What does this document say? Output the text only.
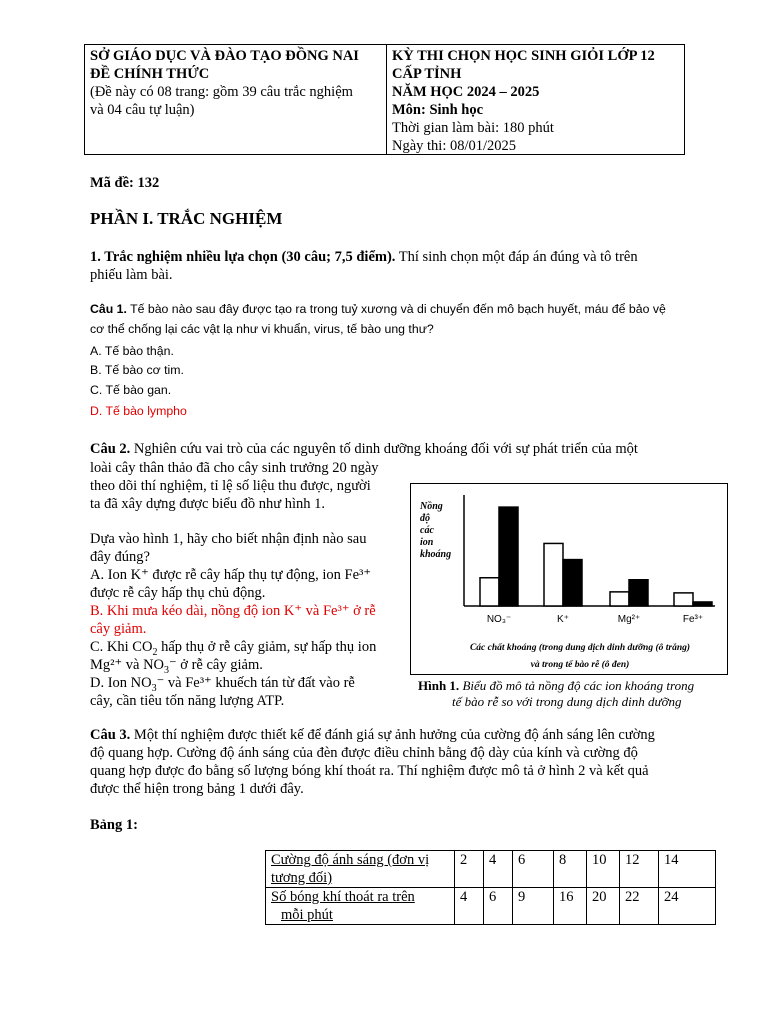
SỞ GIÁO DỤC VÀ ĐÀO TẠO ĐỒNG NAI
ĐỀ CHÍNH THỨC
(Đề này có 08 trang: gồm 39 câu trắc nghiệm
và 04 câu tự luận)
KỲ THI CHỌN HỌC SINH GIỎI LỚP 12
CẤP TỈNH
NĂM HỌC 2024 – 2025
Môn: Sinh học
Thời gian làm bài: 180 phút
Ngày thi: 08/01/2025
Mã đề: 132
PHẦN I. TRẮC NGHIỆM
1. Trắc nghiệm nhiều lựa chọn (30 câu; 7,5 điểm). Thí sinh chọn một đáp án đúng và tô trên
phiếu làm bài.
Câu 1. Tế bào nào sau đây được tạo ra trong tuỷ xương và di chuyển đến mô bạch huyết, máu để bảo vệ
cơ thể chống lại các vật lạ như vi khuẩn, virus, tế bào ung thư?
A. Tế bào thận.
B. Tế bào cơ tim.
C. Tế bào gan.
D. Tế bào lympho
Câu 2. Nghiên cứu vai trò của các nguyên tố dinh dưỡng khoáng đối với sự phát triển của một
loài cây thân thảo đã cho cây sinh trưởng 20 ngày
theo dõi thí nghiệm, tỉ lệ số liệu thu được, người
ta đã xây dựng được biểu đồ như hình 1.
Dựa vào hình 1, hãy cho biết nhận định nào sau
đây đúng?
A. Ion K⁺ được rễ cây hấp thụ tự động, ion Fe³⁺
được rễ cây hấp thụ chủ động.
B. Khi mưa kéo dài, nồng độ ion K⁺ và Fe³⁺ ở rễ
cây giảm.
C. Khi $CO_2$ hấp thụ ở rễ cây giảm, sự hấp thụ ion
Mg²⁺ và $NO_3^-$ ở rễ cây giảm.
D. Ion $NO_3^-$ và Fe³⁺ khuếch tán từ đất vào rễ
cây, cần tiêu tốn năng lượng ATP.
Nồng
độ
các
ion
khoáng
NO₃⁻	K⁺	Mg²⁺	Fe³⁺
Các chất khoáng (trong dung dịch dinh dưỡng (ô trắng)
và trong tế bào rễ (ô đen)
Hình 1. Biểu đồ mô tả nồng độ các ion khoáng trong
tế bào rễ so với trong dung dịch dinh dưỡng
Câu 3. Một thí nghiệm được thiết kế để đánh giá sự ảnh hưởng của cường độ ánh sáng lên cường
độ quang hợp. Cường độ ánh sáng của đèn được điều chỉnh bằng độ dày của kính và cường độ
quang hợp được đo bằng số lượng bóng khí thoát ra. Thí nghiệm được mô tả ở hình 2 và kết quả
được thể hiện trong bảng 1 dưới đây.
Bảng 1:
Cường độ ánh sáng (đơn vị
tương đối)	2	4	6	8	10	12	14
Số bóng khí thoát ra trên
mỗi phút	4	6	9	16	20	22	24
